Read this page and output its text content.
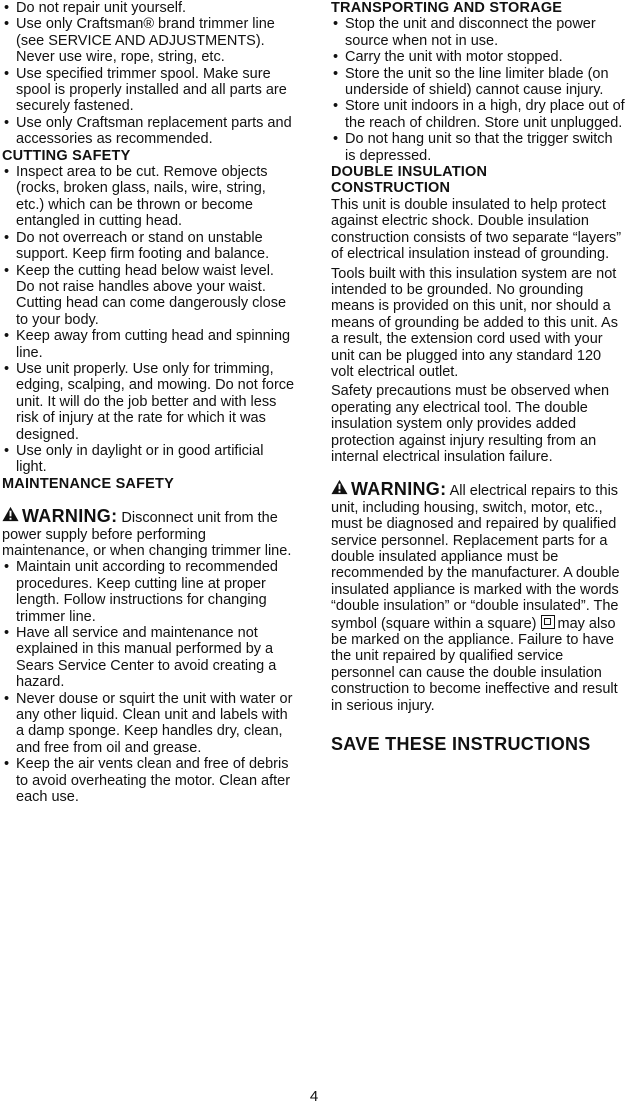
• Do not repair unit yourself.
• Use only Craftsman® brand trimmer line (see SERVICE AND ADJUSTMENTS). Never use wire, rope, string, etc.
• Use specified trimmer spool. Make sure spool is properly installed and all parts are securely fastened.
• Use only Craftsman replacement parts and accessories as recommended.
CUTTING SAFETY
• Inspect area to be cut. Remove objects (rocks, broken glass, nails, wire, string, etc.) which can be thrown or become entangled in cutting head.
• Do not overreach or stand on unstable support. Keep firm footing and balance.
• Keep the cutting head below waist level. Do not raise handles above your waist. Cutting head can come dangerously close to your body.
• Keep away from cutting head and spinning line.
• Use unit properly. Use only for trimming, edging, scalping, and mowing. Do not force unit. It will do the job better and with less risk of injury at the rate for which it was designed.
• Use only in daylight or in good artificial light.
MAINTENANCE SAFETY
WARNING: Disconnect unit from the power supply before performing maintenance, or when changing trimmer line.
• Maintain unit according to recommended procedures. Keep cutting line at proper length. Follow instructions for changing trimmer line.
• Have all service and maintenance not explained in this manual performed by a Sears Service Center to avoid creating a hazard.
• Never douse or squirt the unit with water or any other liquid. Clean unit and labels with a damp sponge. Keep handles dry, clean, and free from oil and grease.
• Keep the air vents clean and free of debris to avoid overheating the motor. Clean after each use.
TRANSPORTING AND STORAGE
• Stop the unit and disconnect the power source when not in use.
• Carry the unit with motor stopped.
• Store the unit so the line limiter blade (on underside of shield) cannot cause injury.
• Store unit indoors in a high, dry place out of the reach of children. Store unit unplugged.
• Do not hang unit so that the trigger switch is depressed.
DOUBLE INSULATION
CONSTRUCTION

This unit is double insulated to help protect against electric shock. Double insulation construction consists of two separate “layers” of electrical insulation instead of grounding.

Tools built with this insulation system are not intended to be grounded. No grounding means is provided on this unit, nor should a means of grounding be added to this unit. As a result, the extension cord used with your unit can be plugged into any standard 120 volt electrical outlet.

Safety precautions must be observed when operating any electrical tool. The double insulation system only provides added protection against injury resulting from an internal electrical insulation failure.

WARNING: All electrical repairs to this unit, including housing, switch, motor, etc., must be diagnosed and repaired by qualified service personnel. Replacement parts for a double insulated appliance must be recommended by the manufacturer. A double insulated appliance is marked with the words “double insulation” or “double insulated”. The symbol (square within a square) may also be marked on the appliance. Failure to have the unit repaired by qualified service personnel can cause the double insulation construction to become ineffective and result in serious injury.
SAVE THESE INSTRUCTIONS
4
